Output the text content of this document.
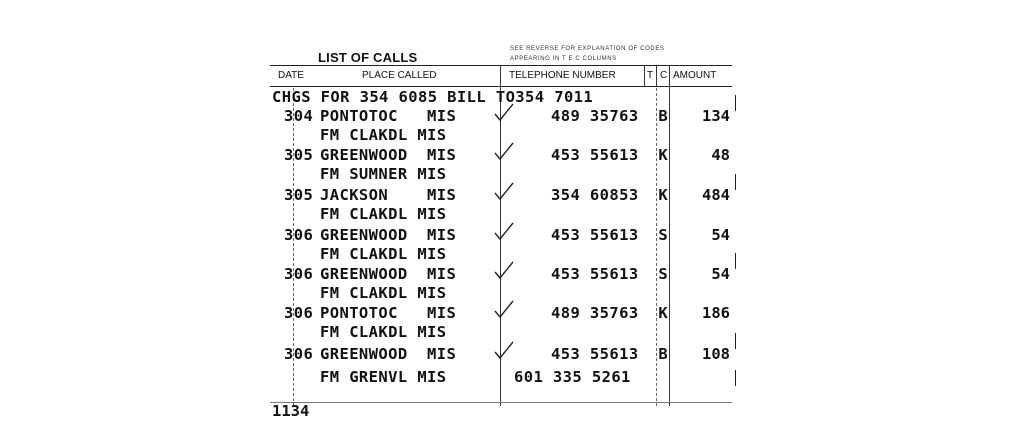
LIST OF CALLS
SEE REVERSE FOR EXPLANATION OF CODES
APPEARING IN T E C COLUMNS
DATE	PLACE CALLED	TELEPHONE NUMBER	T C AMOUNT
CHGS FOR 354 6085 BILL TO354 7011
304 PONTOTOC   MIS	489 35763 B	134
FM CLAKDL MIS
305 GREENWOOD  MIS	453 55613 K	48
FM SUMNER MIS
305 JACKSON    MIS	354 60853 K	484
FM CLAKDL MIS
306 GREENWOOD  MIS	453 55613 S	54
FM CLAKDL MIS
306 GREENWOOD  MIS	453 55613 S	54
FM CLAKDL MIS
306 PONTOTOC   MIS	489 35763 K	186
FM CLAKDL MIS
306 GREENWOOD  MIS	453 55613 B	108
FM GRENVL MIS	601 335 5261
1134
